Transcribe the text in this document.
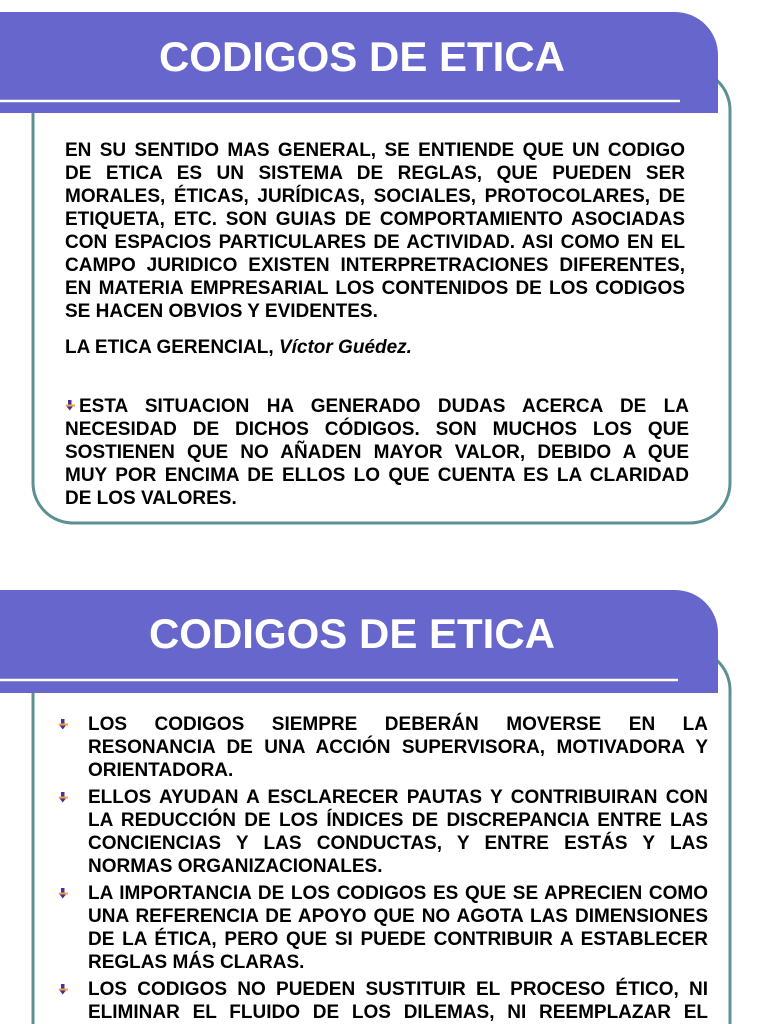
CODIGOS DE ETICA
EN SU SENTIDO MAS GENERAL, SE ENTIENDE QUE UN CODIGO
DE ETICA ES UN SISTEMA DE REGLAS, QUE PUEDEN SER
MORALES, ÉTICAS, JURÍDICAS, SOCIALES, PROTOCOLARES, DE
ETIQUETA, ETC. SON GUIAS DE COMPORTAMIENTO ASOCIADAS
CON ESPACIOS PARTICULARES DE ACTIVIDAD. ASI COMO EN EL
CAMPO JURIDICO EXISTEN INTERPRETRACIONES DIFERENTES,
EN MATERIA EMPRESARIAL LOS CONTENIDOS DE LOS CODIGOS
SE HACEN OBVIOS Y EVIDENTES.
LA ETICA GERENCIAL, Víctor Guédez.
ESTA SITUACION HA GENERADO DUDAS ACERCA DE LA
NECESIDAD DE DICHOS CÓDIGOS. SON MUCHOS LOS QUE
SOSTIENEN QUE NO AÑADEN MAYOR VALOR, DEBIDO A QUE
MUY POR ENCIMA DE ELLOS LO QUE CUENTA ES LA CLARIDAD
DE LOS VALORES.
CODIGOS DE ETICA
LOS CODIGOS SIEMPRE DEBERÁN MOVERSE EN LA
RESONANCIA DE UNA ACCIÓN SUPERVISORA, MOTIVADORA Y
ORIENTADORA.
ELLOS AYUDAN A ESCLARECER PAUTAS Y CONTRIBUIRAN CON
LA REDUCCIÓN DE LOS ÍNDICES DE DISCREPANCIA ENTRE LAS
CONCIENCIAS Y LAS CONDUCTAS, Y ENTRE ESTÁS Y LAS
NORMAS ORGANIZACIONALES.
LA IMPORTANCIA DE LOS CODIGOS ES QUE SE APRECIEN COMO
UNA REFERENCIA DE APOYO QUE NO AGOTA LAS DIMENSIONES
DE LA ÉTICA, PERO QUE SI PUEDE CONTRIBUIR A ESTABLECER
REGLAS MÁS CLARAS.
LOS CODIGOS NO PUEDEN SUSTITUIR EL PROCESO ÉTICO, NI
ELIMINAR EL FLUIDO DE LOS DILEMAS, NI REEMPLAZAR EL
